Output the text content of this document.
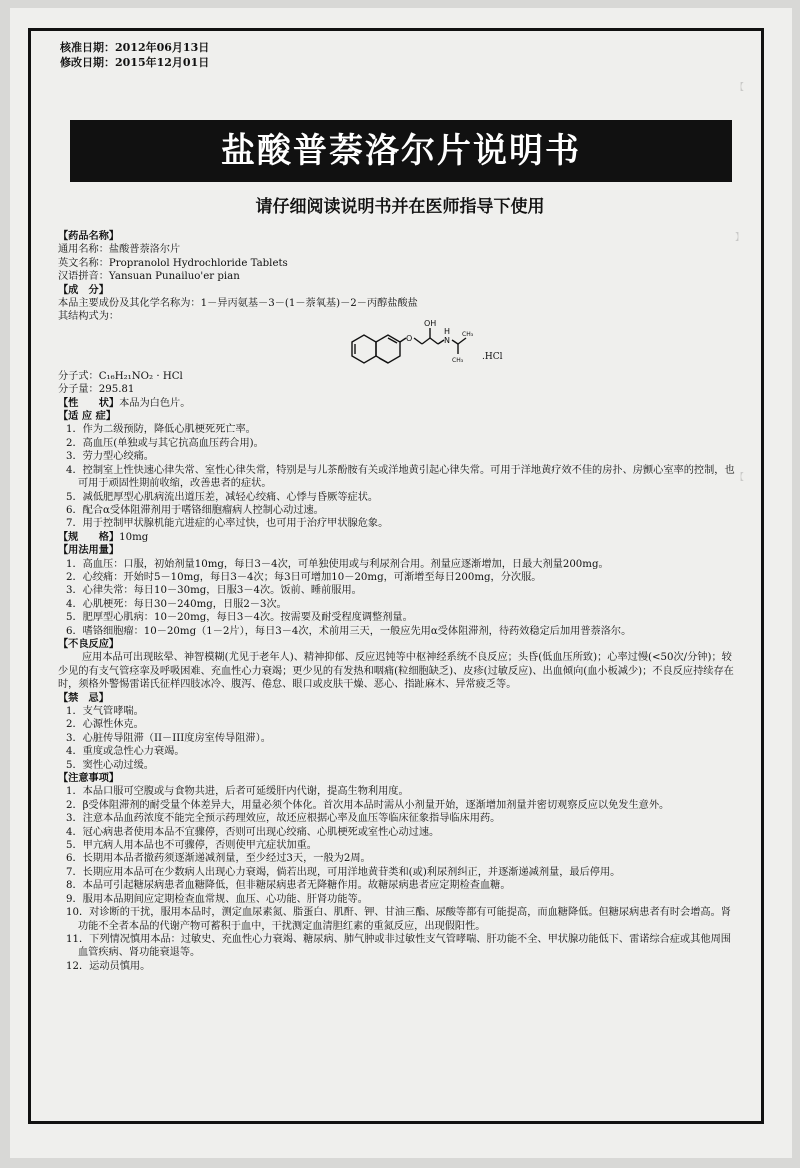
【
】
【
核准日期：2012年06月13日
修改日期：2015年12月01日
盐酸普萘洛尔片说明书
请仔细阅读说明书并在医师指导下使用
【药品名称】
通用名称：盐酸普萘洛尔片
英文名称：Propranolol Hydrochloride Tablets
汉语拼音：Yansuan Punailuo'er pian
【成　分】
本品主要成份及其化学名称为：1－异丙氨基－3－(1－萘氧基)－2－丙醇盐酸盐
其结构式为：
分子式：C₁₆H₂₁NO₂ · HCl
分子量：295.81
【性　　状】本品为白色片。
【适 应 症】
1．作为二级预防，降低心肌梗死死亡率。
2．高血压(单独或与其它抗高血压药合用)。
3．劳力型心绞痛。
4．控制室上性快速心律失常、室性心律失常，特别是与儿茶酚胺有关或洋地黄引起心律失常。可用于洋地黄疗效不佳的房扑、房颤心室率的控制，也可用于顽固性期前收缩，改善患者的症状。
5．减低肥厚型心肌病流出道压差，减轻心绞痛、心悸与昏厥等症状。
6．配合α受体阻滞剂用于嗜铬细胞瘤病人控制心动过速。
7．用于控制甲状腺机能亢进症的心率过快，也可用于治疗甲状腺危象。
【规　　格】10mg
【用法用量】
1．高血压：口服，初始剂量10mg，每日3－4次，可单独使用或与利尿剂合用。剂量应逐渐增加，日最大剂量200mg。
2．心绞痛：开始时5－10mg，每日3－4次；每3日可增加10－20mg，可渐增至每日200mg，分次服。
3．心律失常：每日10－30mg，日服3－4次。饭前、睡前服用。
4．心肌梗死：每日30－240mg，日服2－3次。
5．肥厚型心肌病：10－20mg，每日3－4次。按需要及耐受程度调整剂量。
6．嗜铬细胞瘤：10－20mg（1－2片），每日3－4次，术前用三天，一般应先用α受体阻滞剂，待药效稳定后加用普萘洛尔。
【不良反应】
应用本品可出现眩晕、神智模糊(尤见于老年人)、精神抑郁、反应迟钝等中枢神经系统不良反应；头昏(低血压所致)；心率过慢(<50次/分钟)；较少见的有支气管痉挛及呼吸困难、充血性心力衰竭；更少见的有发热和咽痛(粒细胞缺乏)、皮疹(过敏反应)、出血倾向(血小板减少)；不良反应持续存在时，须格外警惕雷诺氏征样四肢冰冷、腹泻、倦怠、眼口或皮肤干燥、恶心、指趾麻木、异常疲乏等。
【禁　忌】
1．支气管哮喘。
2．心源性休克。
3．心脏传导阻滞（II－III度房室传导阻滞）。
4．重度或急性心力衰竭。
5．窦性心动过缓。
【注意事项】
1．本品口服可空腹或与食物共进，后者可延缓肝内代谢，提高生物利用度。
2．β受体阻滞剂的耐受量个体差异大，用量必须个体化。首次用本品时需从小剂量开始，逐渐增加剂量并密切观察反应以免发生意外。
3．注意本品血药浓度不能完全预示药理效应，故还应根据心率及血压等临床征象指导临床用药。
4．冠心病患者使用本品不宜骤停，否则可出现心绞痛、心肌梗死或室性心动过速。
5．甲亢病人用本品也不可骤停，否则使甲亢症状加重。
6．长期用本品者撤药须逐渐递减剂量，至少经过3天，一般为2周。
7．长期应用本品可在少数病人出现心力衰竭，倘若出现，可用洋地黄苷类和(或)利尿剂纠正，并逐渐递减剂量，最后停用。
8．本品可引起糖尿病患者血糖降低，但非糖尿病患者无降糖作用。故糖尿病患者应定期检查血糖。
9．服用本品期间应定期检查血常规、血压、心功能、肝肾功能等。
10．对诊断的干扰，服用本品时，测定血尿素氮、脂蛋白、肌酐、钾、甘油三酯、尿酸等都有可能提高，而血糖降低。但糖尿病患者有时会增高。肾功能不全者本品的代谢产物可蓄积于血中，干扰测定血清胆红素的重氮反应，出现假阳性。
11．下列情况慎用本品：过敏史、充血性心力衰竭、糖尿病、肺气肿或非过敏性支气管哮喘、肝功能不全、甲状腺功能低下、雷诺综合症或其他周围血管疾病、肾功能衰退等。
12．运动员慎用。
O
OH
N
H CH₃
CH₃ .HCl
